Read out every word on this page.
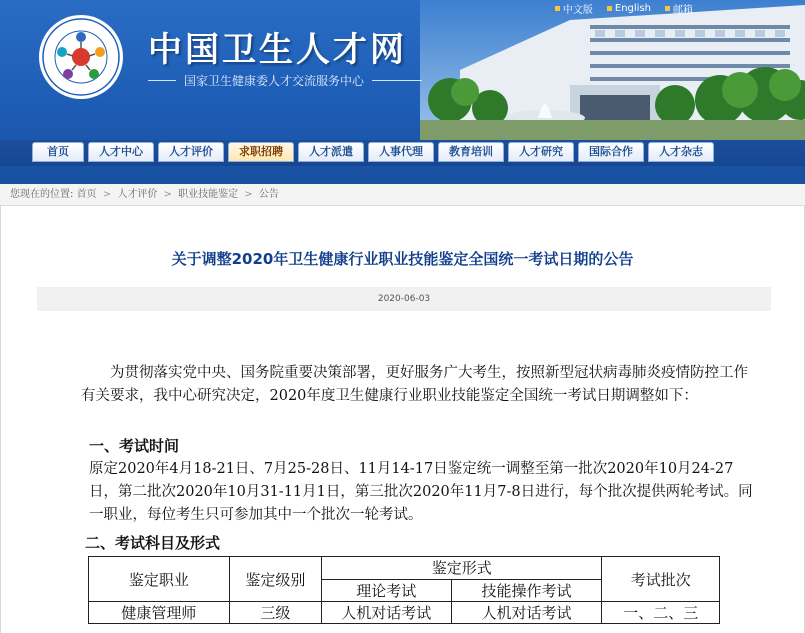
中文版 English 邮箱
中国卫生人才网
国家卫生健康委人才交流服务中心
首页	人才中心	人才评价	求职招聘	人才派遣	人事代理	教育培训	人才研究	国际合作	人才杂志
您现在的位置: 首页 > 人才评价 > 职业技能鉴定 > 公告
关于调整2020年卫生健康行业职业技能鉴定全国统一考试日期的公告
2020-06-03
为贯彻落实党中央、国务院重要决策部署，更好服务广大考生，按照新型冠状病毒肺炎疫情防控工作有关要求，我中心研究决定，2020年度卫生健康行业职业技能鉴定全国统一考试日期调整如下：
一、考试时间
原定2020年4月18-21日、7月25-28日、11月14-17日鉴定统一调整至第一批次2020年10月24-27日，第二批次2020年10月31-11月1日，第三批次2020年11月7-8日进行，每个批次提供两轮考试。同一职业，每位考生只可参加其中一个批次一轮考试。
二、考试科目及形式
鉴定职业	鉴定级别	鉴定形式		考试批次
		理论考试	技能操作考试	
健康管理师	三级	人机对话考试	人机对话考试	一、二、三
